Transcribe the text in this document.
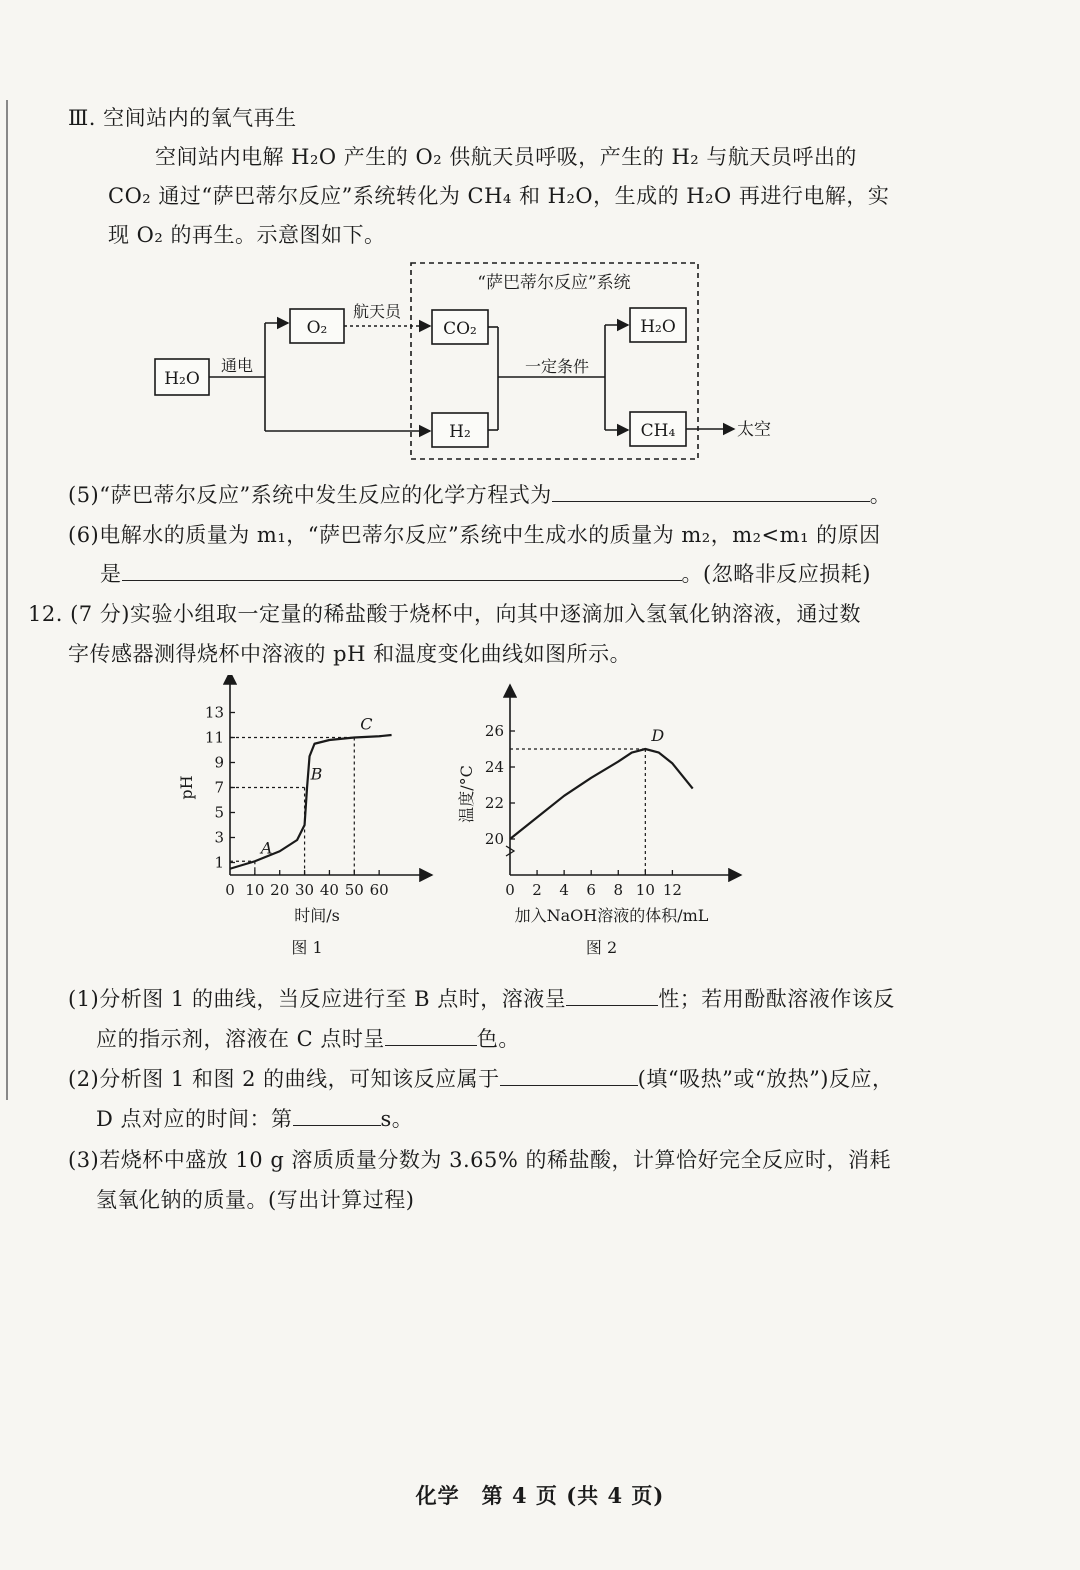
Ⅲ. 空间站内的氧气再生
空间站内电解 H₂O 产生的 O₂ 供航天员呼吸，产生的 H₂ 与航天员呼出的
CO₂ 通过“萨巴蒂尔反应”系统转化为 CH₄ 和 H₂O，生成的 H₂O 再进行电解，实
现 O₂ 的再生。示意图如下。
“萨巴蒂尔反应”系统
H₂O
通电
O₂
航天员
CO₂
H₂
一定条件
H₂O
CH₄	太空
(5)“萨巴蒂尔反应”系统中发生反应的化学方程式为	。
(6)电解水的质量为 m₁，“萨巴蒂尔反应”系统中生成水的质量为 m₂，m₂<m₁ 的原因
是	。(忽略非反应损耗)
12. (7 分)实验小组取一定量的稀盐酸于烧杯中，向其中逐滴加入氢氧化钠溶液，通过数
字传感器测得烧杯中溶液的 pH 和温度变化曲线如图所示。
0 10 20 30 40 50 60
1
3
5
7
9
11
13
A
B
C
时间/s
pH
图 1
0 2 4 6 8 10 12
20
22
24
26	D
加入NaOH溶液的体积/mL
温度/°C
图 2
(1)分析图 1 的曲线，当反应进行至 B 点时，溶液呈	性；若用酚酞溶液作该反
应的指示剂，溶液在 C 点时呈	色。
(2)分析图 1 和图 2 的曲线，可知该反应属于	(填“吸热”或“放热”)反应，
D 点对应的时间：第	s。
(3)若烧杯中盛放 10 g 溶质质量分数为 3.65% 的稀盐酸，计算恰好完全反应时，消耗
氢氧化钠的质量。(写出计算过程)
化学　第 4 页 (共 4 页)
